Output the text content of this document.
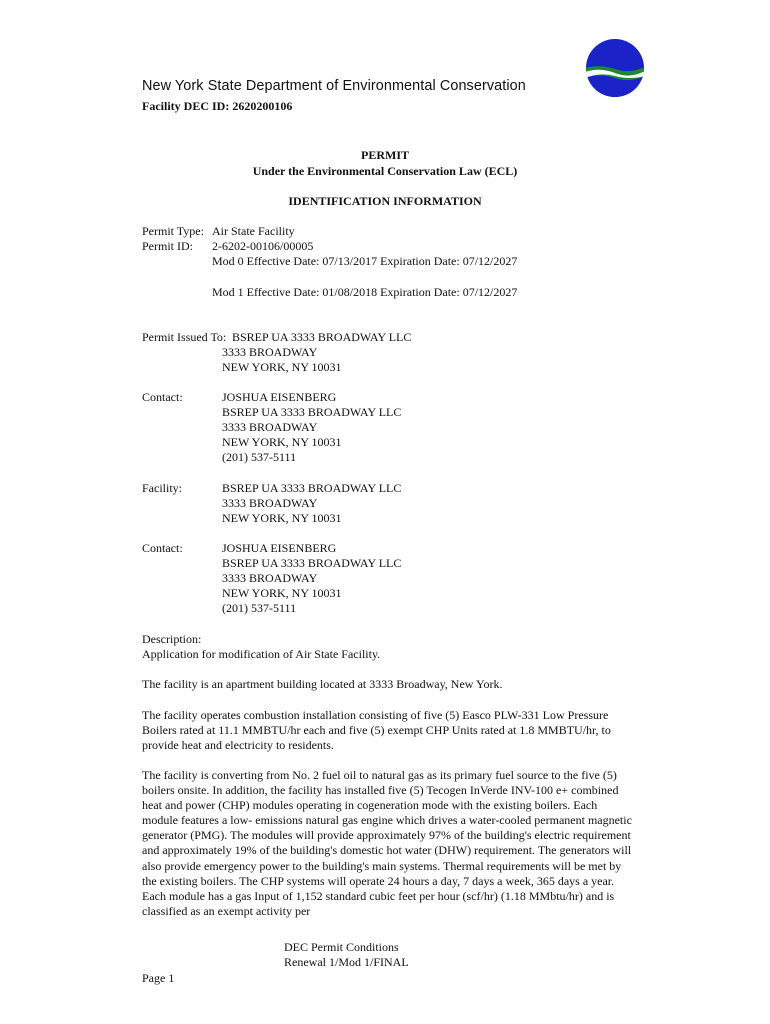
New York State Department of Environmental Conservation
Facility DEC ID: 2620200106
PERMIT
Under the Environmental Conservation Law (ECL)
IDENTIFICATION INFORMATION
Permit Type: Air State Facility
Permit ID: 2-6202-00106/00005
Mod 0 Effective Date: 07/13/2017 Expiration Date: 07/12/2027
Mod 1 Effective Date: 01/08/2018 Expiration Date: 07/12/2027
Permit Issued To: BSREP UA 3333 BROADWAY LLC
3333 BROADWAY
NEW YORK, NY 10031
Contact:	JOSHUA EISENBERG
BSREP UA 3333 BROADWAY LLC
3333 BROADWAY
NEW YORK, NY 10031
(201) 537-5111
Facility:	BSREP UA 3333 BROADWAY LLC
3333 BROADWAY
NEW YORK, NY 10031
Contact:	JOSHUA EISENBERG
BSREP UA 3333 BROADWAY LLC
3333 BROADWAY
NEW YORK, NY 10031
(201) 537-5111
Description:
Application for modification of Air State Facility.
The facility is an apartment building located at 3333 Broadway, New York.
The facility operates combustion installation consisting of five (5) Easco PLW-331 Low Pressure Boilers rated at 11.1 MMBTU/hr each and five (5) exempt CHP Units rated at 1.8 MMBTU/hr, to provide heat and electricity to residents.
The facility is converting from No. 2 fuel oil to natural gas as its primary fuel source to the five (5) boilers onsite. In addition, the facility has installed five (5) Tecogen InVerde INV-100 e+ combined heat and power (CHP) modules operating in cogeneration mode with the existing boilers. Each module features a low- emissions natural gas engine which drives a water-cooled permanent magnetic generator (PMG). The modules will provide approximately 97% of the building's electric requirement and approximately 19% of the building's domestic hot water (DHW) requirement. The generators will also provide emergency power to the building's main systems. Thermal requirements will be met by the existing boilers. The CHP systems will operate 24 hours a day, 7 days a week, 365 days a year. Each module has a gas Input of 1,152 standard cubic feet per hour (scf/hr) (1.18 MMbtu/hr) and is classified as an exempt activity per
DEC Permit Conditions
Renewal 1/Mod 1/FINAL
Page 1
